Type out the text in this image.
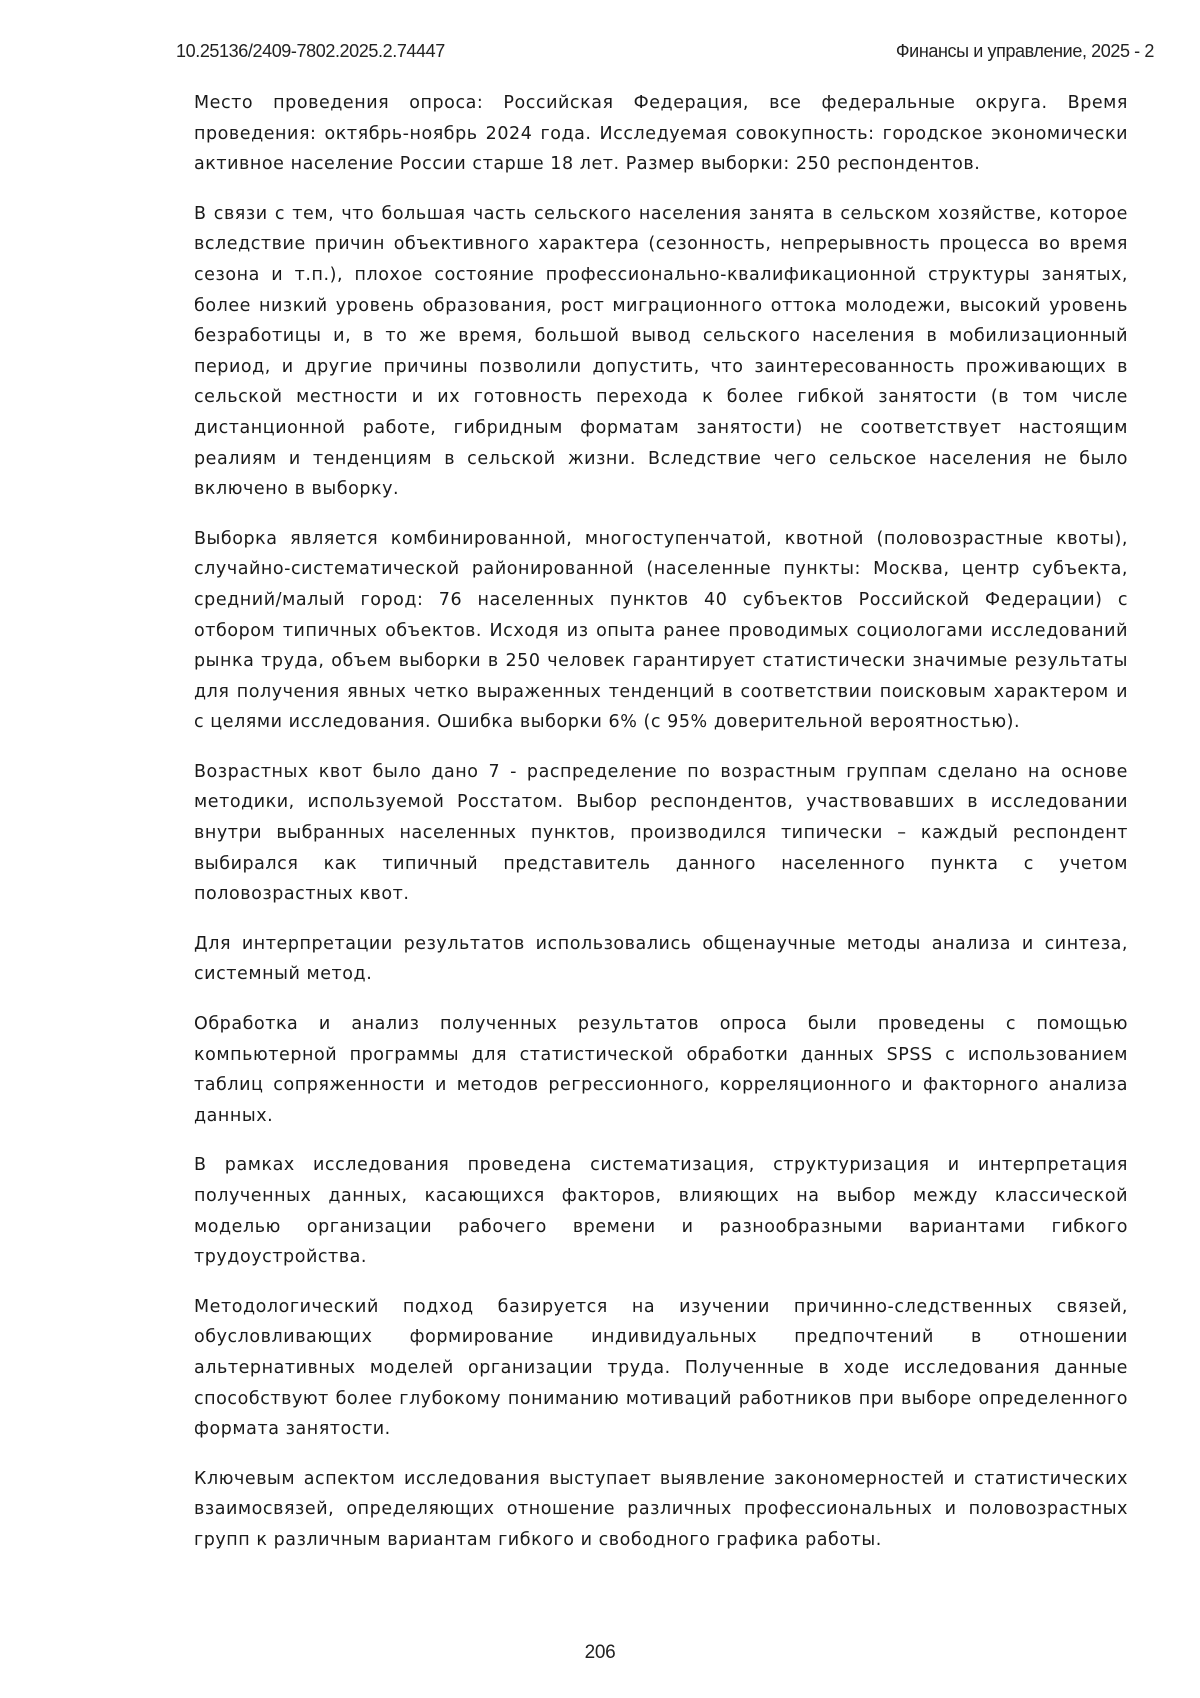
10.25136/2409-7802.2025.2.74447	Финансы и управление, 2025 - 2

Место проведения опроса: Российская Федерация, все федеральные округа. Время проведения: октябрь-ноябрь 2024 года. Исследуемая совокупность: городское экономически активное население России старше 18 лет. Размер выборки: 250 респондентов.

В связи с тем, что большая часть сельского населения занята в сельском хозяйстве, которое вследствие причин объективного характера (сезонность, непрерывность процесса во время сезона и т.п.), плохое состояние профессионально-квалификационной структуры занятых, более низкий уровень образования, рост миграционного оттока молодежи, высокий уровень безработицы и, в то же время, большой вывод сельского населения в мобилизационный период, и другие причины позволили допустить, что заинтересованность проживающих в сельской местности и их готовность перехода к более гибкой занятости (в том числе дистанционной работе, гибридным форматам занятости) не соответствует настоящим реалиям и тенденциям в сельской жизни. Вследствие чего сельское населения не было включено в выборку.

Выборка является комбинированной, многоступенчатой, квотной (половозрастные квоты), случайно-систематической районированной (населенные пункты: Москва, центр субъекта, средний/малый город: 76 населенных пунктов 40 субъектов Российской Федерации) с отбором типичных объектов. Исходя из опыта ранее проводимых социологами исследований рынка труда, объем выборки в 250 человек гарантирует статистически значимые результаты для получения явных четко выраженных тенденций в соответствии поисковым характером и с целями исследования. Ошибка выборки 6% (с 95% доверительной вероятностью).

Возрастных квот было дано 7 - распределение по возрастным группам сделано на основе методики, используемой Росстатом. Выбор респондентов, участвовавших в исследовании внутри выбранных населенных пунктов, производился типически – каждый респондент выбирался как типичный представитель данного населенного пункта с учетом половозрастных квот.

Для интерпретации результатов использовались общенаучные методы анализа и синтеза, системный метод.

Обработка и анализ полученных результатов опроса были проведены с помощью компьютерной программы для статистической обработки данных SPSS с использованием таблиц сопряженности и методов регрессионного, корреляционного и факторного анализа данных.

В рамках исследования проведена систематизация, структуризация и интерпретация полученных данных, касающихся факторов, влияющих на выбор между классической моделью организации рабочего времени и разнообразными вариантами гибкого трудоустройства.

Методологический подход базируется на изучении причинно-следственных связей, обусловливающих формирование индивидуальных предпочтений в отношении альтернативных моделей организации труда. Полученные в ходе исследования данные способствуют более глубокому пониманию мотиваций работников при выборе определенного формата занятости.

Ключевым аспектом исследования выступает выявление закономерностей и статистических взаимосвязей, определяющих отношение различных профессиональных и половозрастных групп к различным вариантам гибкого и свободного графика работы.

206
